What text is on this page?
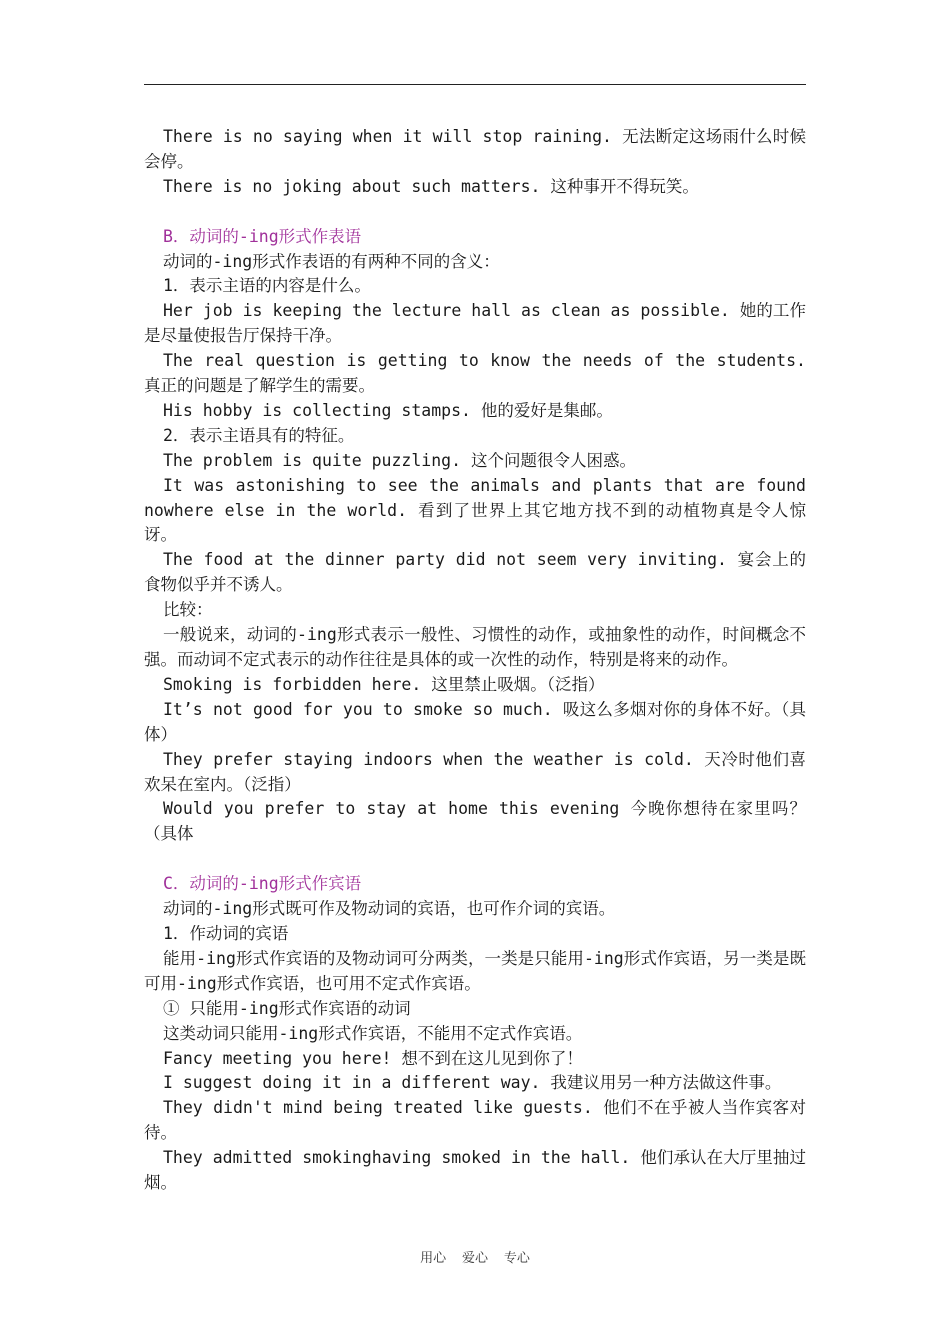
There is no saying when it will stop raining. 无法断定这场雨什么时候会停。

There is no joking about such matters. 这种事开不得玩笑。

B．动词的-ing形式作表语

动词的-ing形式作表语的有两种不同的含义：

1．表示主语的内容是什么。

Her job is keeping the lecture hall as clean as possible. 她的工作是尽量使报告厅保持干净。

The real question is getting to know the needs of the students. 真正的问题是了解学生的需要。

His hobby is collecting stamps. 他的爱好是集邮。

2．表示主语具有的特征。

The problem is quite puzzling. 这个问题很令人困惑。

It was astonishing to see the animals and plants that are found nowhere else in the world. 看到了世界上其它地方找不到的动植物真是令人惊讶。

The food at the dinner party did not seem very inviting. 宴会上的食物似乎并不诱人。

比较：

一般说来，动词的-ing形式表示一般性、习惯性的动作，或抽象性的动作，时间概念不强。而动词不定式表示的动作往往是具体的或一次性的动作，特别是将来的动作。

Smoking is forbidden here. 这里禁止吸烟。（泛指）

It’s not good for you to smoke so much. 吸这么多烟对你的身体不好。（具体）

They prefer staying indoors when the weather is cold. 天冷时他们喜欢呆在室内。（泛指）

Would you prefer to stay at home this evening 今晚你想待在家里吗？（具体

C．动词的-ing形式作宾语

动词的-ing形式既可作及物动词的宾语，也可作介词的宾语。

1．作动词的宾语

能用-ing形式作宾语的及物动词可分两类，一类是只能用-ing形式作宾语，另一类是既可用-ing形式作宾语，也可用不定式作宾语。

① 只能用-ing形式作宾语的动词

这类动词只能用-ing形式作宾语，不能用不定式作宾语。

Fancy meeting you here! 想不到在这儿见到你了！

I suggest doing it in a different way. 我建议用另一种方法做这件事。

They didn't mind being treated like guests. 他们不在乎被人当作宾客对待。

They admitted smokinghaving smoked in the hall. 他们承认在大厅里抽过烟。

用心 爱心 专心
